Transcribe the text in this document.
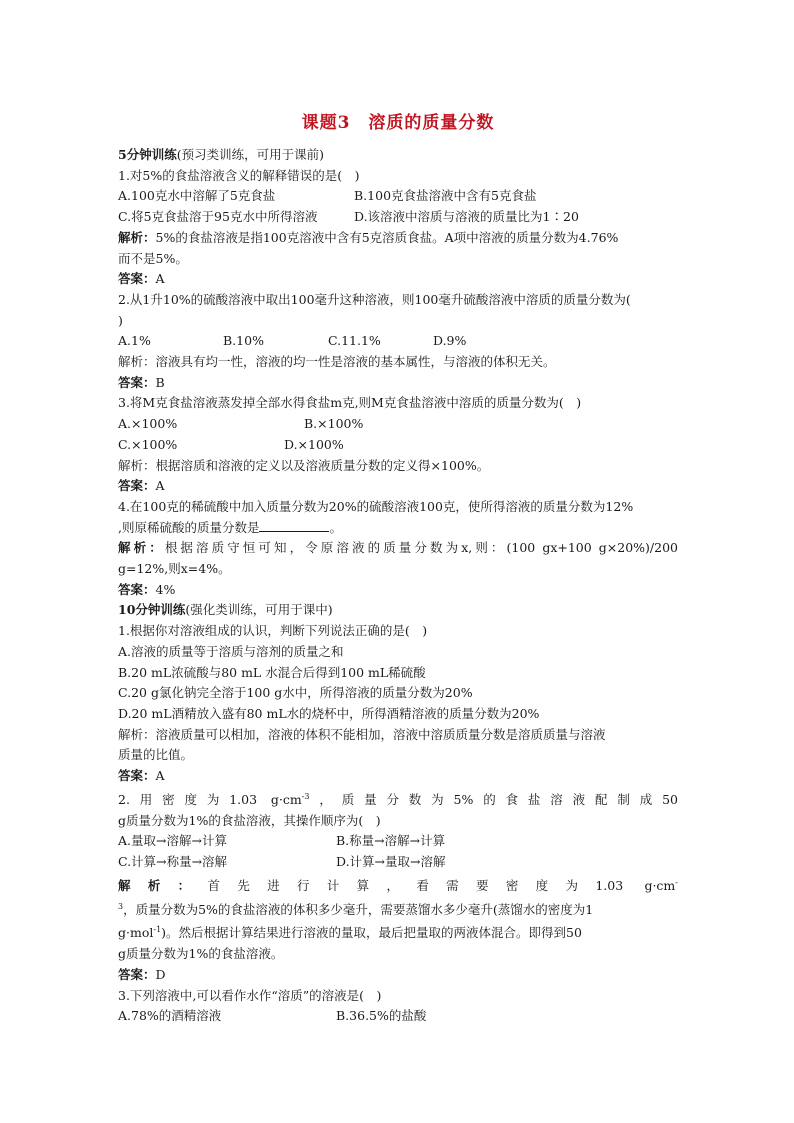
课题3　溶质的质量分数
5分钟训练(预习类训练，可用于课前)
1.对5%的食盐溶液含义的解释错误的是(　)
A.100克水中溶解了5克食盐	B.100克食盐溶液中含有5克食盐
C.将5克食盐溶于95克水中所得溶液	D.该溶液中溶质与溶液的质量比为1∶20
解析：5%的食盐溶液是指100克溶液中含有5克溶质食盐。A项中溶液的质量分数为4.76%
而不是5%。
答案：A
2.从1升10%的硫酸溶液中取出100毫升这种溶液，则100毫升硫酸溶液中溶质的质量分数为(
)
A.1%	B.10%	C.11.1%	D.9%
解析：溶液具有均一性，溶液的均一性是溶液的基本属性，与溶液的体积无关。
答案：B
3.将M克食盐溶液蒸发掉全部水得食盐m克,则M克食盐溶液中溶质的质量分数为(　)
A.×100%	B.×100%
C.×100%	D.×100%
解析：根据溶质和溶液的定义以及溶液质量分数的定义得×100%。
答案：A
4.在100克的稀硫酸中加入质量分数为20%的硫酸溶液100克，使所得溶液的质量分数为12%
,则原稀硫酸的质量分数是	。
解析：根据溶质守恒可知，令原溶液的质量分数为x,则：(100 gx+100 g×20%)/200
g=12%,则x=4%。
答案：4%
10分钟训练(强化类训练，可用于课中)
1.根据你对溶液组成的认识，判断下列说法正确的是(　)
A.溶液的质量等于溶质与溶剂的质量之和
B.20 mL浓硫酸与80 mL 水混合后得到100 mL稀硫酸
C.20 g氯化钠完全溶于100 g水中，所得溶液的质量分数为20%
D.20 mL酒精放入盛有80 mL水的烧杯中，所得酒精溶液的质量分数为20%
解析：溶液质量可以相加，溶液的体积不能相加，溶液中溶质质量分数是溶质质量与溶液
质量的比值。
答案：A
2.用密度为1.03 $g\cdot cm^{-3}$，质量分数为5%的食盐溶液配制成50
g质量分数为1%的食盐溶液，其操作顺序为(　)
A.量取→溶解→计算	B.称量→溶解→计算
C.计算→称量→溶解	D.计算→量取→溶解
解析：首先进行计算，看需要密度为1.03 g·cm-
$^3$，质量分数为5%的食盐溶液的体积多少毫升，需要蒸馏水多少毫升(蒸馏水的密度为1
g·mol$^{-1}$)。然后根据计算结果进行溶液的量取，最后把量取的两液体混合。即得到50
g质量分数为1%的食盐溶液。
答案：D
3.下列溶液中,可以看作水作“溶质”的溶液是(　)
A.78%的酒精溶液	B.36.5%的盐酸
